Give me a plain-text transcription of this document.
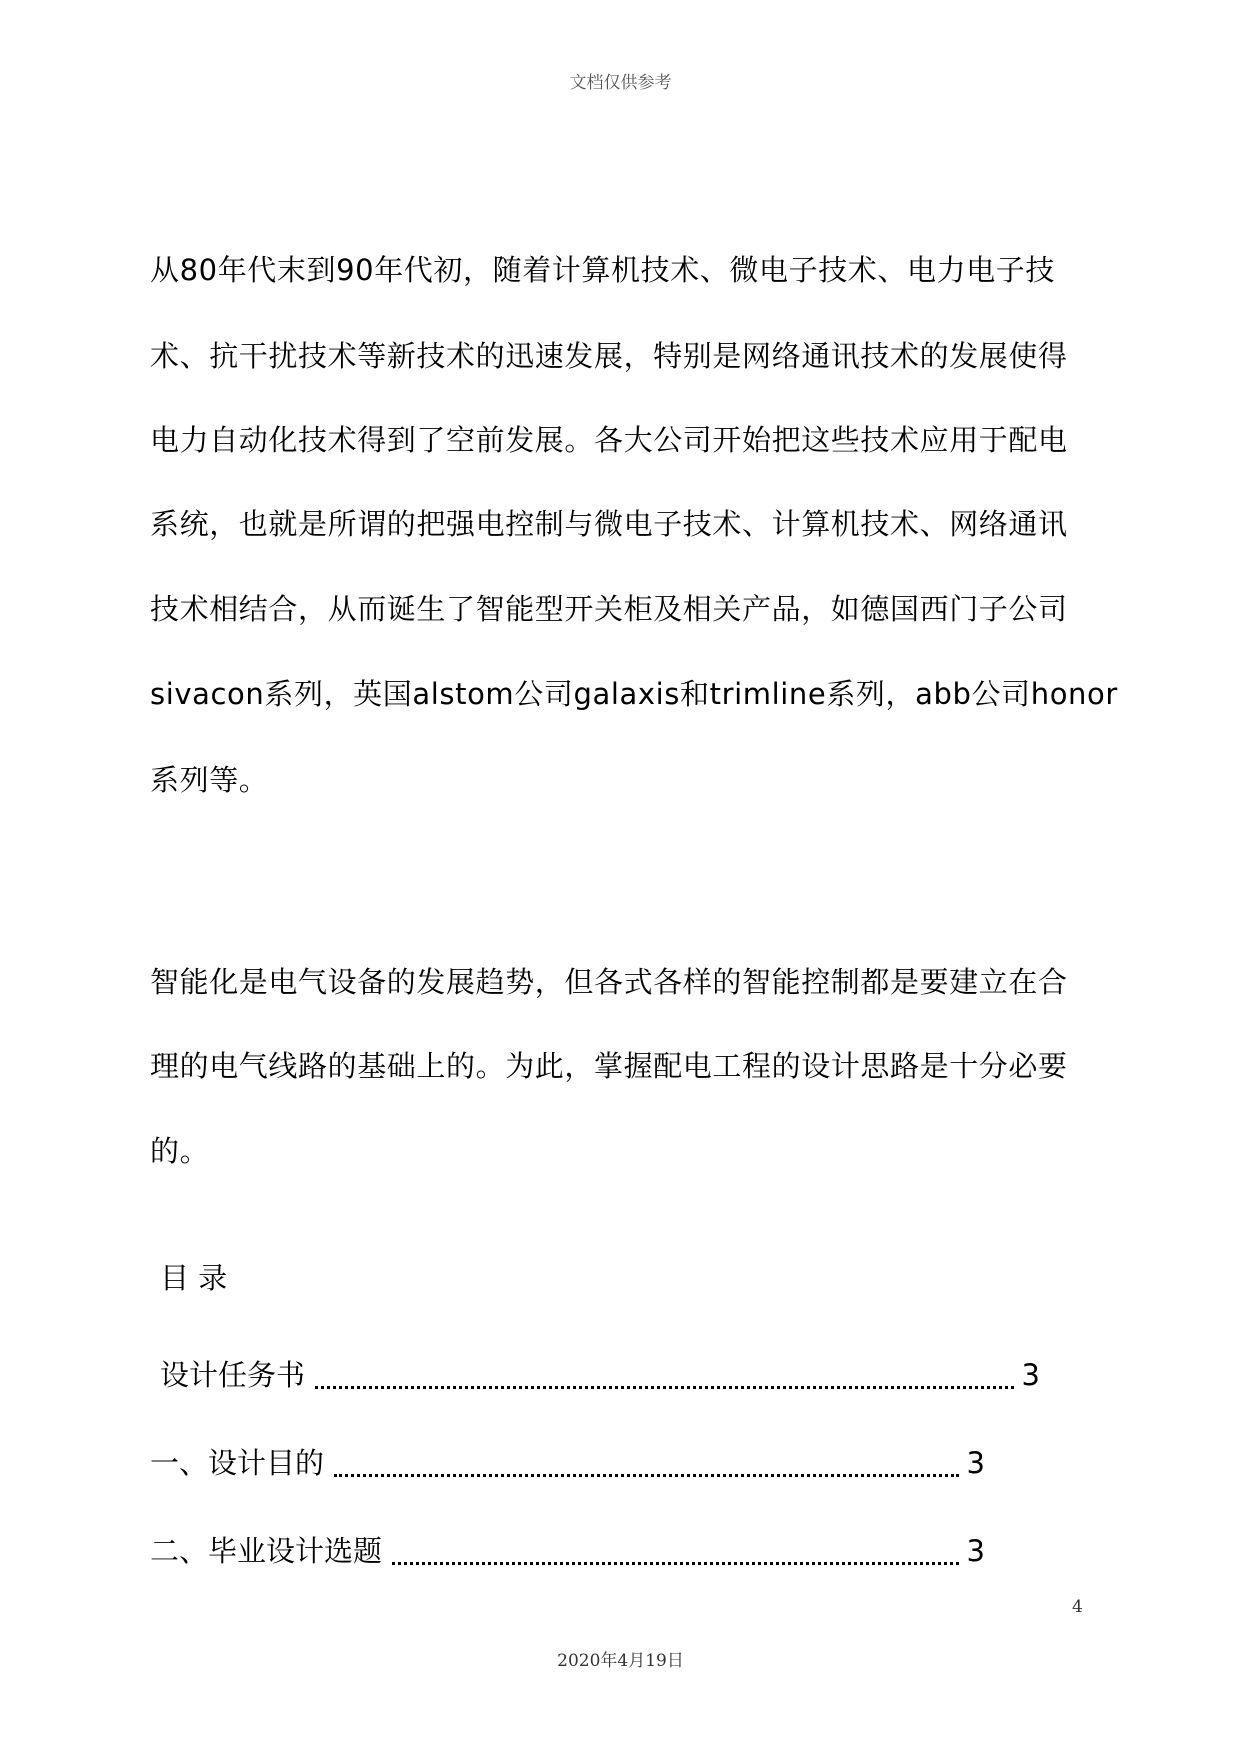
文档仅供参考
从80年代末到90年代初，随着计算机技术、微电子技术、电力电子技
术、抗干扰技术等新技术的迅速发展，特别是网络通讯技术的发展使得
电力自动化技术得到了空前发展。各大公司开始把这些技术应用于配电
系统，也就是所谓的把强电控制与微电子技术、计算机技术、网络通讯
技术相结合，从而诞生了智能型开关柜及相关产品，如德国西门子公司
sivacon系列，英国alstom公司galaxis和trimline系列，abb公司honor
系列等。
智能化是电气设备的发展趋势，但各式各样的智能控制都是要建立在合
理的电气线路的基础上的。为此，掌握配电工程的设计思路是十分必要
的。
目 录
设计任务书	3
一、设计目的	3
二、毕业设计选题	3
4
2020年4月19日
